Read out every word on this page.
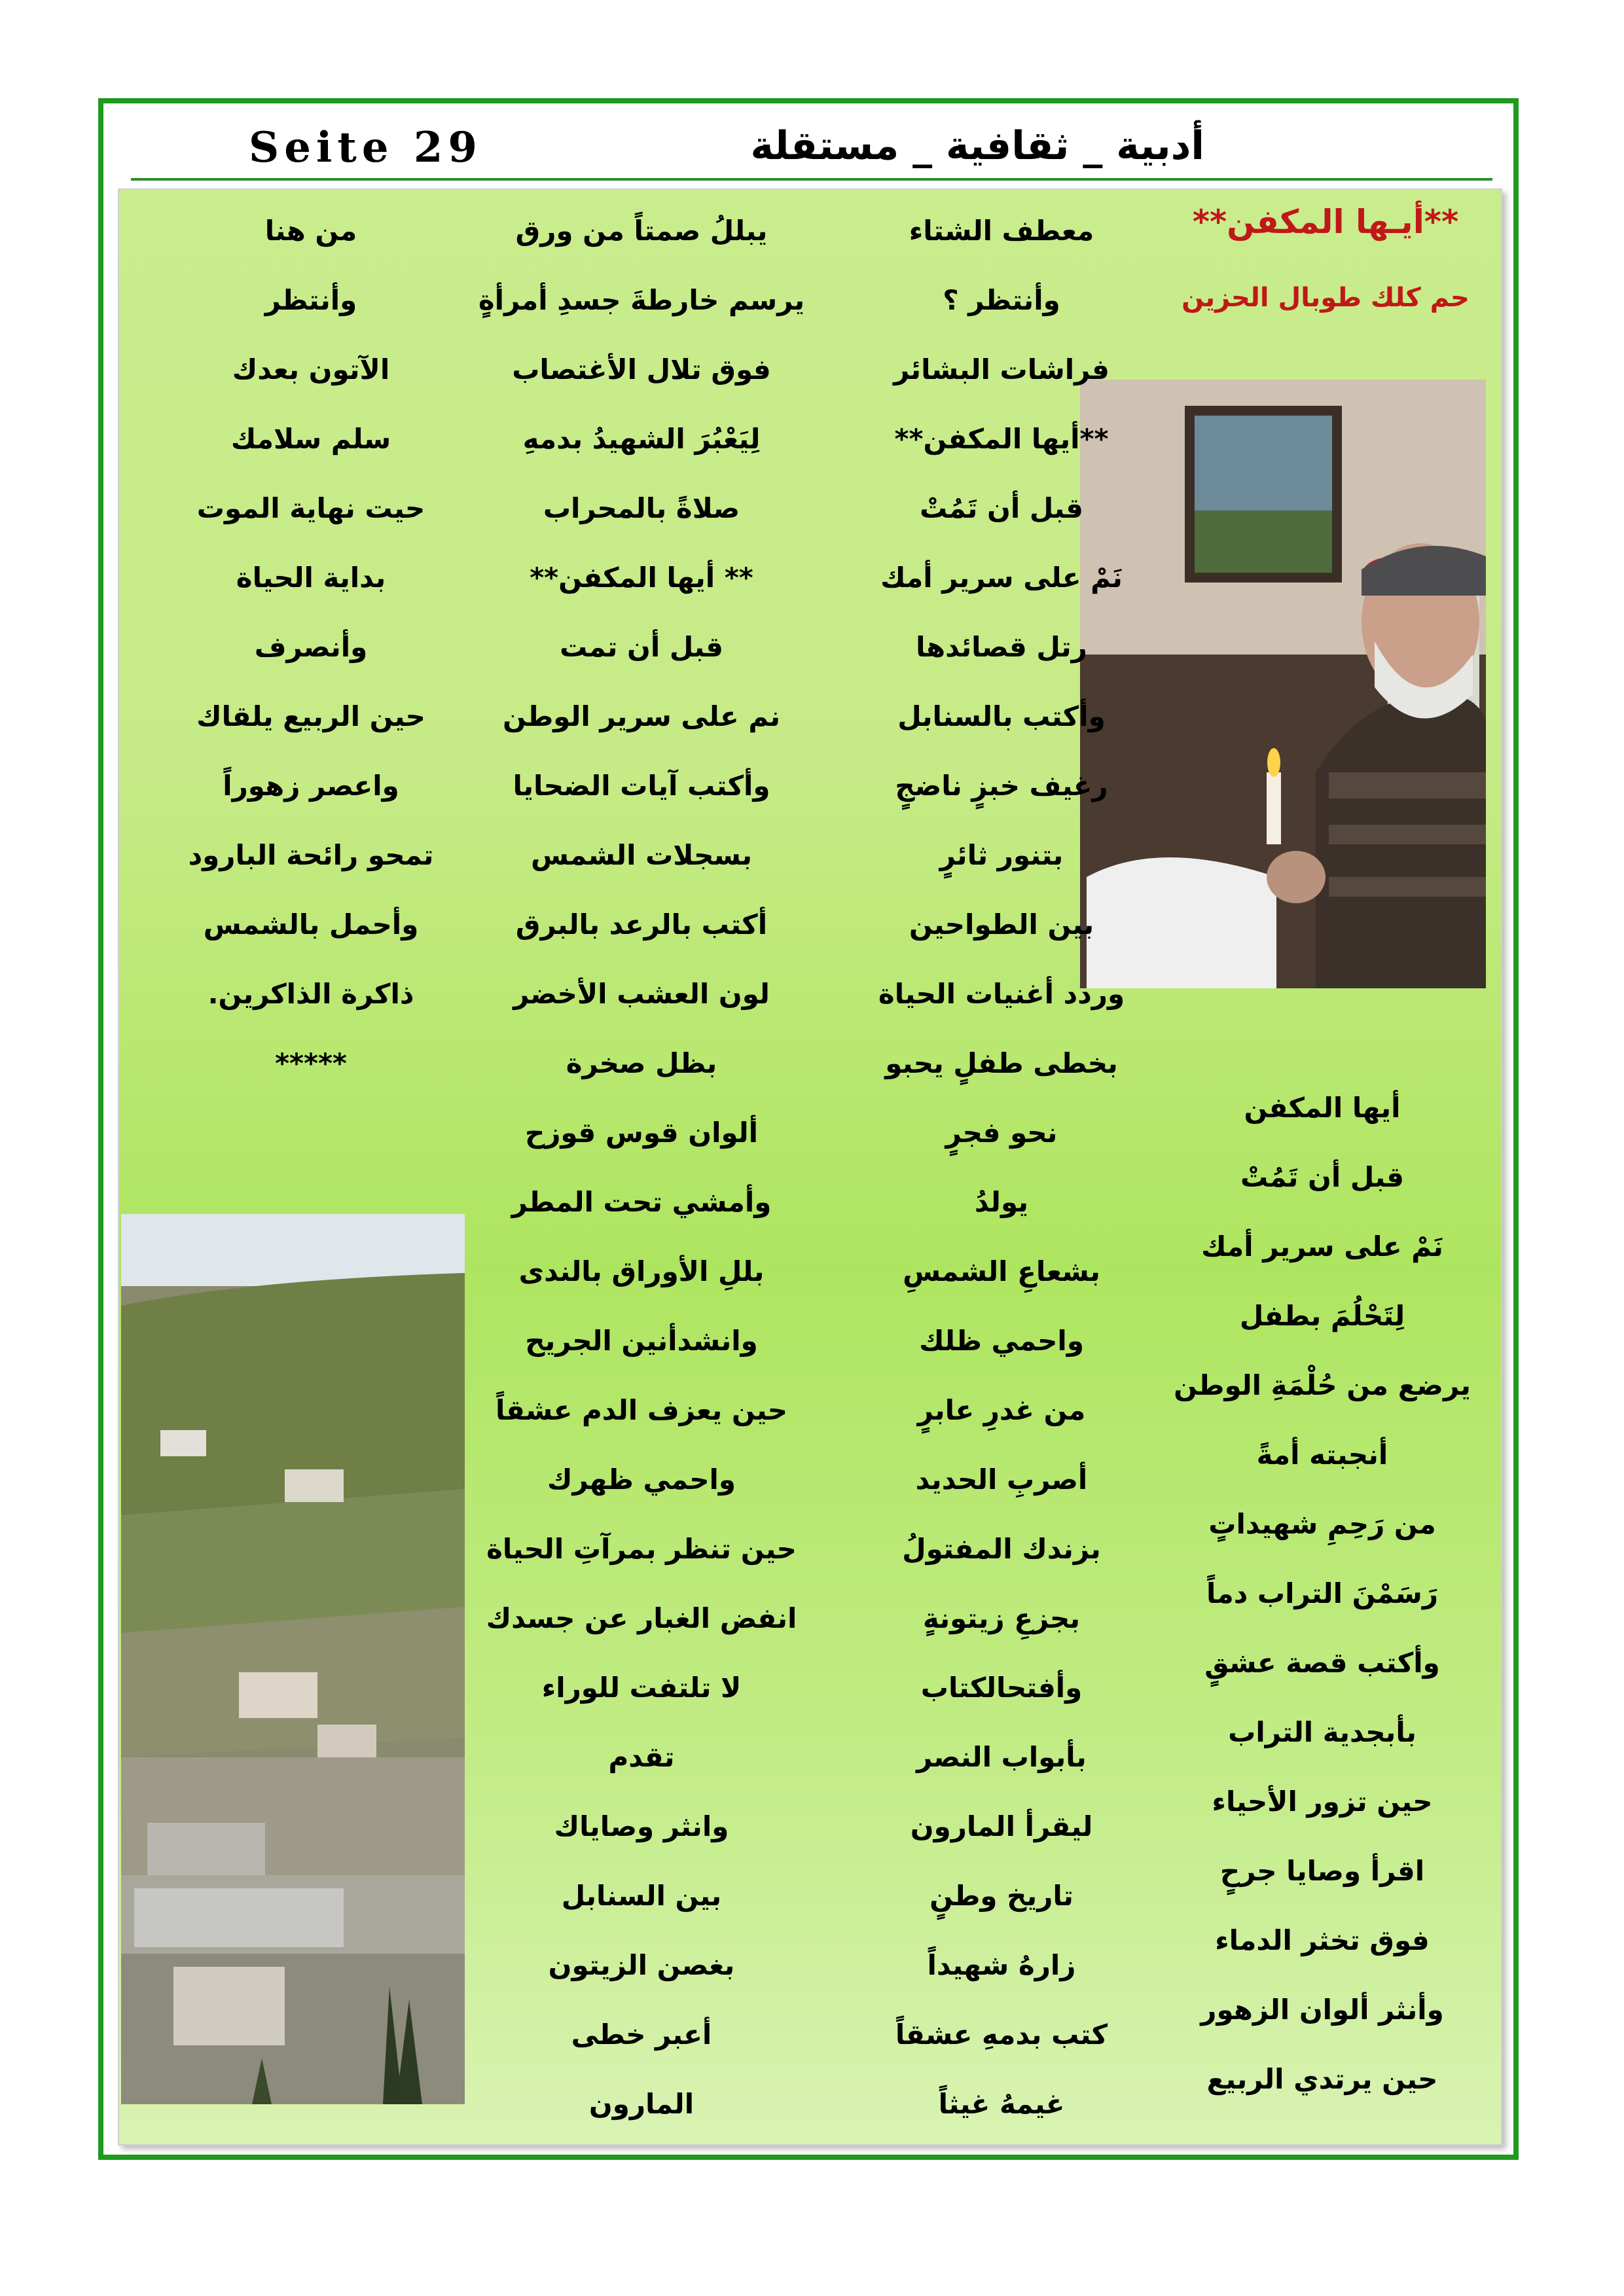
Seite 29	أدبية _ ثقافية _ مستقلة
**أيـها المكفن**
حم كلك طوبال الحزين
معطف الشتاء
وأنتظر ؟
فراشات البشائر
**أيها المكفن**
قبل أن تَمُتْ
نَمْ على سرير أمك
رتل قصائدها
وأكتب بالسنابل
رغيف خبزٍ ناضجٍ
بتنور ثائرٍ
بين الطواحين
وردد أغنيات الحياة
بخطى طفلٍ يحبو
نحو فجرٍ
يولدُ
بشعاعِ الشمسِ
واحمي ظلك
من غدرِ عابرٍ
أصربِ الحديد
بزندك المفتولُ
بجزعِ زيتونةٍ
وأفتحالكتاب
بأبواب النصر
ليقرأ المارون
تاريخ وطنٍ
زارهُ شهيداً
كتب بدمهِ عشقاً
غيمهُ غيثاً
يبللُ صمتاً من ورق
يرسم خارطةَ جسدِ أمرأةٍ
فوق تلال الأغتصاب
لِيَعْبُرَ الشهيدُ بدمهِ
صلاةً بالمحراب
** أيها المكفن**
قبل أن تمت
نم على سرير الوطن
وأكتب آيات الضحايا
بسجلات الشمس
أكتب بالرعد بالبرق
لون العشب الأخضر
بظل صخرة
ألوان قوس قوزح
وأمشي تحت المطر
بللِ الأوراق بالندى
وانشدأنين الجريح
حين يعزف الدم عشقاً
واحمي ظهرك
حين تنظر بمرآتِ الحياة
انفض الغبار عن جسدك
لا تلتفت للوراء
تقدم
وانثر وصاياك
بين السنابل
بغصن الزيتون
أعبر خطى
المارون
من هنا
وأنتظر
الآتون بعدك
سلم سلامك
حيت نهاية الموت
بداية الحياة
وأنصرف
حين الربيع يلقاك
واعصر زهوراً
تمحو رائحة البارود
وأحمل بالشمس
ذاكرة الذاكرين.
*****
أيها المكفن
قبل أن تَمُتْ
نَمْ على سرير أمك
لِتَحْلُمَ بطفل
يرضع من حُلْمَةِ الوطن
أنجبته أمةً
من رَحِمِ شهيداتٍ
رَسَمْنَ التراب دماً
وأكتب قصة عشقٍ
بأبجدية التراب
حين تزور الأحياء
اقرأ وصايا جرحٍ
فوق تخثر الدماء
وأنثر ألوان الزهور
حين يرتدي الربيع
